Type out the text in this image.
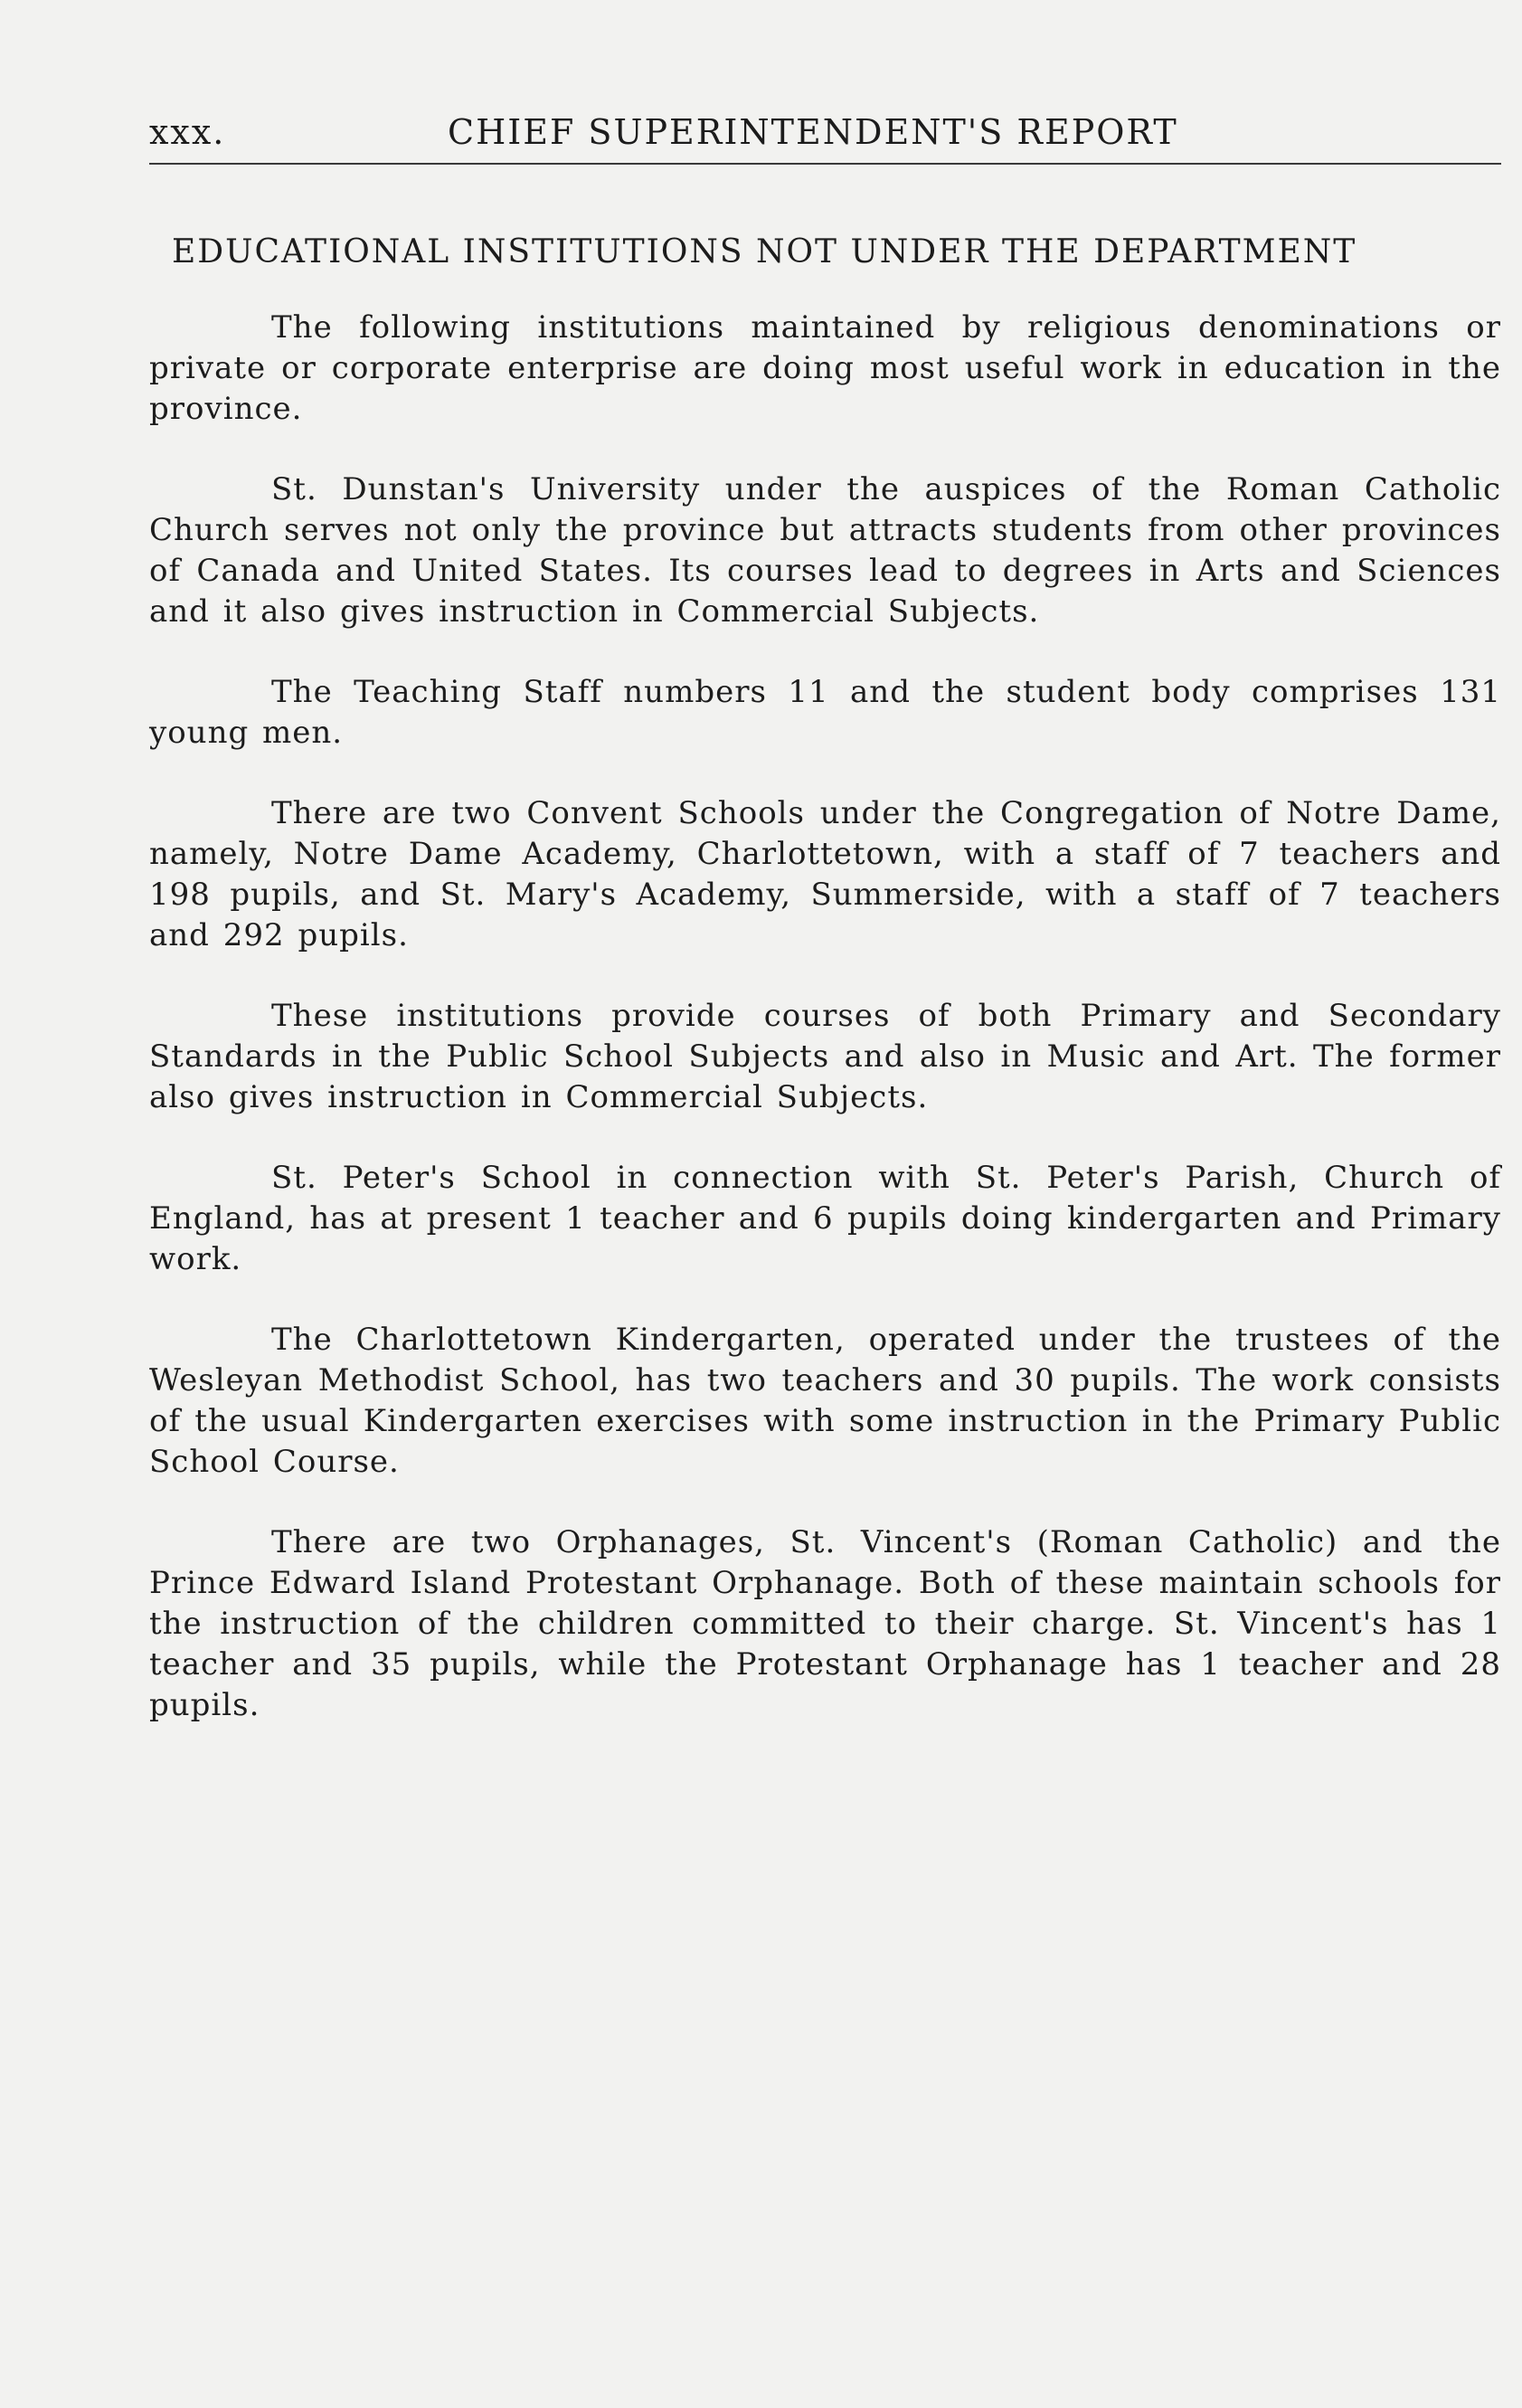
xxx.	CHIEF SUPERINTENDENT'S REPORT
EDUCATIONAL INSTITUTIONS NOT UNDER THE DEPARTMENT

The following institutions maintained by religious denominations or private or corporate enterprise are doing most useful work in education in the province.

St. Dunstan's University under the auspices of the Roman Catholic Church serves not only the province but attracts students from other provinces of Canada and United States. Its courses lead to degrees in Arts and Sciences and it also gives instruction in Commercial Subjects.

The Teaching Staff numbers 11 and the student body comprises 131 young men.

There are two Convent Schools under the Congregation of Notre Dame, namely, Notre Dame Academy, Charlottetown, with a staff of 7 teachers and 198 pupils, and St. Mary's Academy, Summerside, with a staff of 7 teachers and 292 pupils.

These institutions provide courses of both Primary and Secondary Standards in the Public School Subjects and also in Music and Art. The former also gives instruction in Commercial Subjects.

St. Peter's School in connection with St. Peter's Parish, Church of England, has at present 1 teacher and 6 pupils doing kindergarten and Primary work.

The Charlottetown Kindergarten, operated under the trustees of the Wesleyan Methodist School, has two teachers and 30 pupils. The work consists of the usual Kindergarten exercises with some instruction in the Primary Public School Course.

There are two Orphanages, St. Vincent's (Roman Catholic) and the Prince Edward Island Protestant Orphanage. Both of these maintain schools for the instruction of the children committed to their charge. St. Vincent's has 1 teacher and 35 pupils, while the Protestant Orphanage has 1 teacher and 28 pupils.
